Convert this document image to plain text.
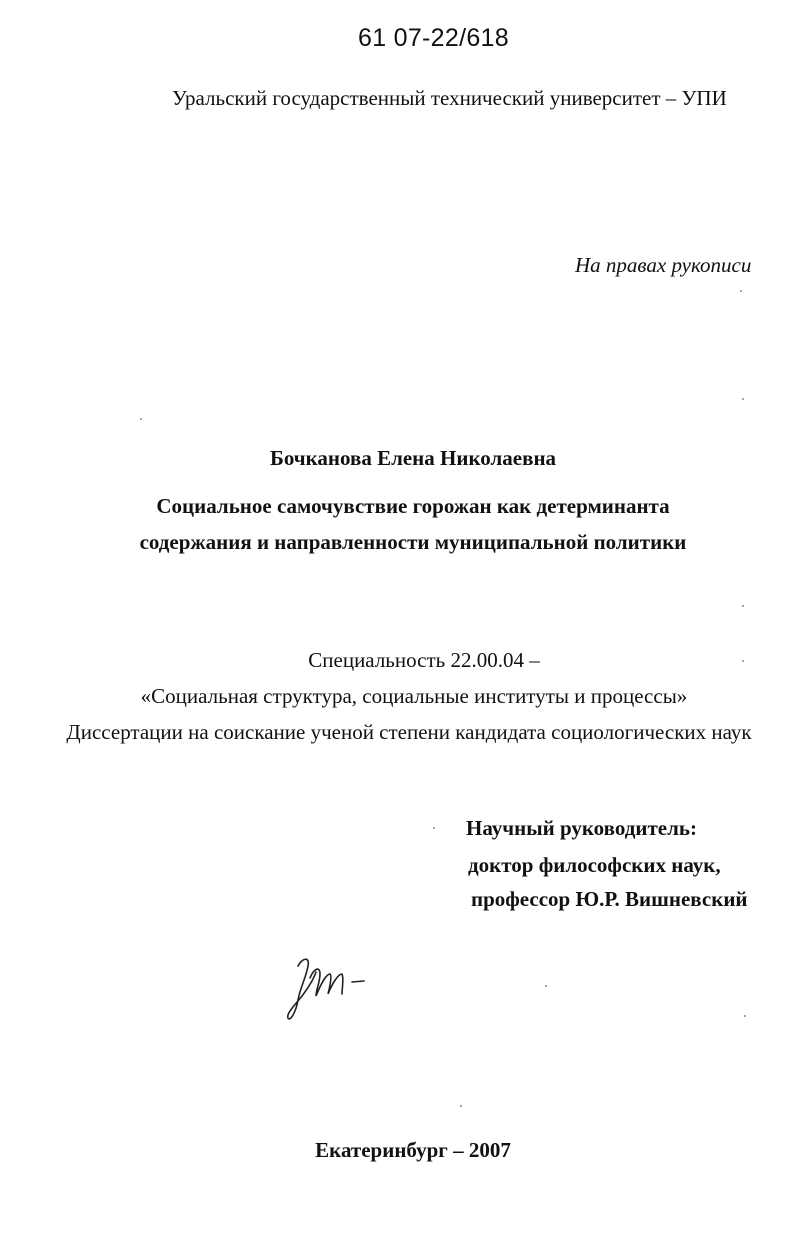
61 07-22/618
Уральский государственный технический университет – УПИ
На правах рукописи
Бочканова Елена Николаевна
Социальное самочувствие горожан как детерминанта
содержания и направленности муниципальной политики
Специальность 22.00.04 –
«Социальная структура, социальные институты и процессы»
Диссертации на соискание ученой степени кандидата социологических наук
Научный руководитель:
доктор философских наук,
профессор Ю.Р. Вишневский
Екатеринбург – 2007
